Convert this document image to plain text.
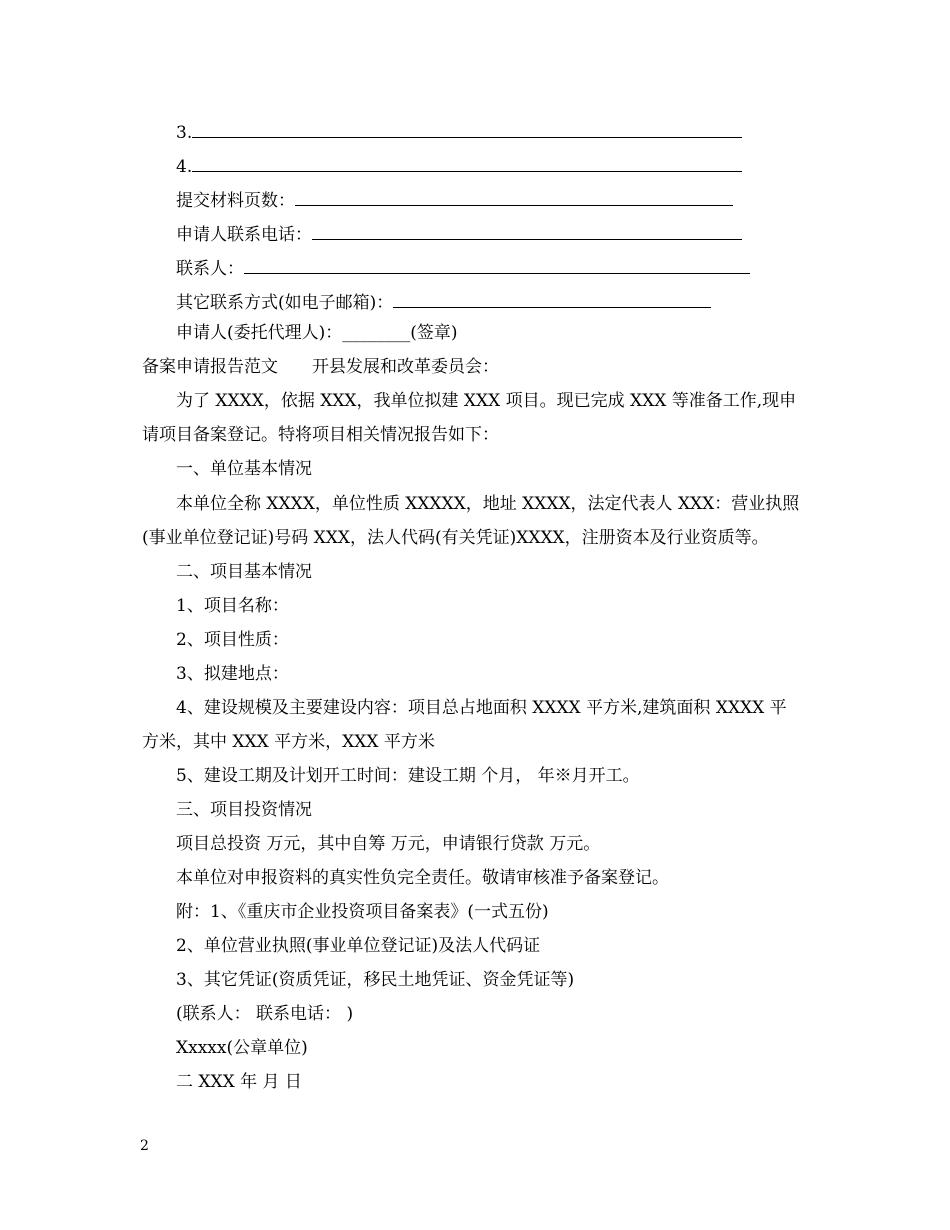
3.
4.
提交材料页数：
申请人联系电话：
联系人：
其它联系方式(如电子邮箱)：
申请人(委托代理人)：________(签章)
备案申请报告范文　　开县发展和改革委员会：
为了 XXXX，依据 XXX，我单位拟建 XXX 项目。现已完成 XXX 等准备工作,现申
请项目备案登记。特将项目相关情况报告如下：
一、单位基本情况
本单位全称 XXXX，单位性质 XXXXX，地址 XXXX，法定代表人 XXX：营业执照
(事业单位登记证)号码 XXX，法人代码(有关凭证)XXXX，注册资本及行业资质等。
二、项目基本情况
1、项目名称：
2、项目性质：
3、拟建地点：
4、建设规模及主要建设内容：项目总占地面积 XXXX 平方米,建筑面积 XXXX 平
方米，其中 XXX 平方米，XXX 平方米
5、建设工期及计划开工时间：建设工期 个月， 年※月开工。
三、项目投资情况
项目总投资 万元，其中自筹 万元，申请银行贷款 万元。
本单位对申报资料的真实性负完全责任。敬请审核准予备案登记。
附：1、《重庆市企业投资项目备案表》(一式五份)
2、单位营业执照(事业单位登记证)及法人代码证
3、其它凭证(资质凭证，移民土地凭证、资金凭证等)
(联系人： 联系电话： )
Xxxxx(公章单位)
二 XXX 年 月 日
2
